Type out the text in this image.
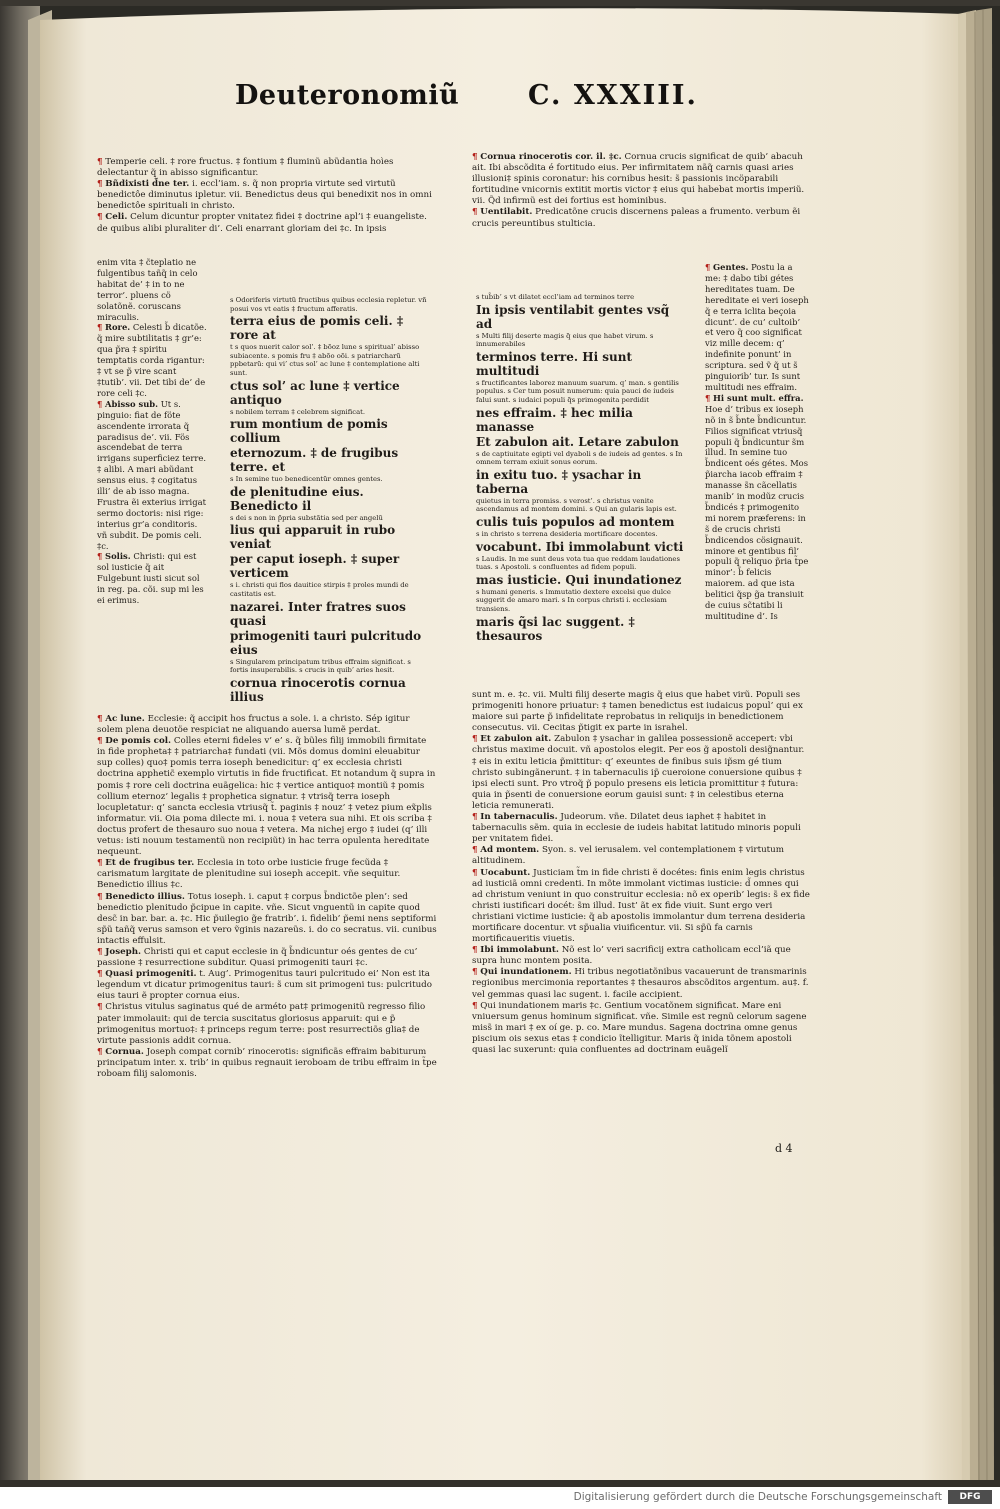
Deuteronomiũ	C. XXXIII.
¶ Temperie celi. ‡ rore fructus. ‡ fontium ‡ fluminũ abũdantia hoìes delectantur q̃ in abisso significantur.
¶ Bñdixisti d̃ne ter. i. eccl’iam. s. q̃ non propria virtute sed virtutũ benedictôe diminutus ipletur. vii. Benedictus deus qui benedixit nos in omni benedictôe spirituali in christo.
¶ Celi. Celum dicuntur propter vnitatez fidei ‡ doctrine apl’i ‡ euangeliste. de quibus alibi pluraliter di’. Celi enarrant gloriam dei ‡c. In ipsis
enim vita ‡ c̃teplatio ne fulgentibus tañq̃ in celo habitat de’ ‡ in to ne terror’. pluens cö solatõnẽ. coruscans miraculis.
¶ Rore. Celesti b̃ dicatõe. q̃ mire subtilitatis ‡ gr’e: qua p̃ra ‡ spiritu temptatis corda rigantur: ‡ vt se p̃ vire scant ‡tutib’. vii. Det tibi de’ de rore celi ‡c.
¶ Abisso sub. Ut s. pinguio: fiat de föte ascendente irrorata q̃ paradisus de’. vii. Fös ascendebat de terra irrigans superficiez terre. ‡ alibi. A mari abũdant sensus eius. ‡ cogitatus illi’ de ab isso magna. Frustra ẽi exterius irrigat sermo doctoris: nisi rige: interius gr’a conditoris. vñ subdit. De pomis celi. ‡c.
¶ Solis. Christi: qui est sol iusticie q̃ ait Fulgebunt iusti sicut sol in reg. pa. cõi. sup mi les ei erimus.
s Odoriferis virtutũ fructibus quibus ecclesia repletur. vñ posui vos vt eatis ‡ fructum afferatis.
terra eius de pomis celi. ‡ rore at
t s quos nuerit calor sol’. ‡ bõoz lune s spiritual’ abisso subiacente. s pomis fru ‡ abõo oõi. s patriarcharũ ppbetarũ: qui vi’ ctus sol’ ac lune ‡ contemplatione alti sunt.
ctus sol’ ac lune ‡ vertice antiquo
s nobilem terram ‡ celebrem significat.
rum montium de pomis collium
eternozum. ‡ de frugibus terre. et
s In semine tuo benedicentũr omnes gentes.
de plenitudine eius. Benedicto il
s dei s non in p̃pria substãtia sed per angelũ
lius qui apparuit in rubo veniat
per caput ioseph. ‡ super verticem
s i. christi qui flos dauitice stirpis ‡ proles mundi de castitatis est.
nazarei. Inter fratres suos quasi
primogeniti tauri pulcritudo eius
s Singularem principatum tribus effraim significat. s fortis insuperabilis. s crucis in quib’ aries hesit.
cornua rinocerotis cornua illius
¶ Ac lune. Ecclesie: q̃ accipit hos fructus a sole. i. a christo. Sép igitur solem plena deuotöe respiciat ne aliquando auersa lumẽ perdat.
¶ De pomis col. Colles eterni fideles v’ e’ s. q̃ bũles filij immobili firmitate in fide propheta‡ ‡ patriarcha‡ fundati (vii. Mõs domus domini eleuabitur sup colles) quo‡ pomis terra ioseph benedicitur: q’ ex ecclesia christi doctrina apphetic̃ exemplo virtutis in fide fructificat. Et notandum q̃ supra in pomis ‡ rore celi doctrina euãgelica: hic ‡ vertice antiquo‡ montiũ ‡ pomis collium eternoz’ legalis ‡ prophetica signatur. ‡ vtrisq̃ terra ioseph locupletatur: q’ sancta ecclesia vtriusq̃ t̃. paginis ‡ nouz’ ‡ vetez pium ex̃plis informatur. vii. Oia poma dilecte mi. i. noua ‡ vetera sua nihi. Et ois scriba ‡ doctus profert de thesauro suo noua ‡ vetera. Ma nichej ergo ‡ iudei (q’ illi vetus: isti nouum testamentũ non recipiũt) in hac terra opulenta hereditate nequeunt.
¶ Et de frugibus ter. Ecclesia in toto orbe iusticie fruge fecũda ‡ carismatum largitate de plenitudine sui ioseph accepit. vñe sequitur. Benedictio illius ‡c.
¶ Benedicto illius. Totus ioseph. i. caput ‡ corpus b̃ndictõe plen’: sed benedictio plenitudo p̃cipue in capite. vñe. Sicut vnguentũ in capite quod desc̃ in bar. bar. a. ‡c. Hic p̃uilegio g̃e fratrib’. i. fidelib’ p̃emi nens septiformi sp̃ũ tañq̃ verus samson et vero ṽginis nazareũs. i. do co secratus. vii. cunibus intactis effulsit.
¶ Joseph. Christi qui et caput ecclesie in q̃ b̃ndicuntur oés gentes de cu’ passione ‡ resurrectione subditur. Quasi primogeniti tauri ‡c.
¶ Quasi primogeniti. t. Aug’. Primogenitus tauri pulcritudo ei’ Non est ita legendum vt dicatur primogenitus tauri: s̃ cum sit primogeni tus: pulcritudo eius tauri ẽ propter cornua eius.
¶ Christus vitulus saginatus qué de arméto pat‡ primogenitũ regresso filio pater immolauit: qui de tercia suscitatus gloriosus apparuit: qui e p̃ primogenitus mortuo‡: ‡ princeps regum terre: post resurrectiõs glia‡ de virtute passionis addit cornua.
¶ Cornua. Joseph compat cornib’ rinocerotis: significãs effraim babiturum principatum inter. x. trib’ in quibus regnauit ieroboam de tribu effraim in t̃pe roboam filij salomonis.
¶ Cornua rinocerotis cor. il. ‡c. Cornua crucis significat de quib’ abacuh ait. Ibi abscõdita é fortitudo eius. Per infirmitatem nãq̃ carnis quasi aries illusioni‡ spinis coronatur: his cornibus hesit: s̃ passionis incöparabili fortitudine vnicornis extitit mortis victor ‡ eius qui habebat mortis imperiũ. vii. Q̃d infirmũ est dei fortius est hominibus.
¶ Uentilabit. Predicatõne crucis discernens paleas a frumento. verbum ẽi crucis pereuntibus stulticia.
¶ Gentes. Postu la a me: ‡ dabo tibi gétes hereditates tuam. De hereditate ei veri ioseph q̃ e terra iclita beçoia dicunt’. de cu’ cultoib’ et vero q̃ coo significat viz mille decem: q’ indefinite ponunt’ in scriptura. sed ṽ q̃ ut s̃ pinguiorib’ tur. Is sunt multitudi nes effraim.
¶ Hi sunt mult. effra. Hoe d’ tribus ex ioseph nõ in s̃ b̃nte b̃ndicuntur. Filios significat vtriusq̃ populi q̃ b̃ndicuntur s̃m illud. In semine tuo b̃ndicent oés gétes. Mos p̃iarcha iacob effraim ‡ manasse s̃n cãcellatis manib’ in modũz crucis b̃ndicés ‡ primogenito mi norem præferens: in s̃ de crucis christi b̃ndicendos cösignauit. minore et gentibus fil’ populi q̃ reliquo p̃ria t̃pe minor’: b̃ felicis maiorem. ad que ista belitici q̃sp g̃a transiuit de cuius sc̃tatibi li multitudine d’. Is
s tub̃ib’ s vt dilatet eccl’iam ad terminos terre
In ipsis ventilabit gentes vsq̃ ad
s Multi filij deserte magis q̃ eius que habet virum. s innumerabiles
terminos terre. Hi sunt multitudi
s fructificantes laborez manuum suarum. q’ man. s gentilis populus. s Cer tum posuit numerum: quia pauci de iudeis falui sunt. s iudaici populi q̃s primogenita perdidit
nes effraim. ‡ hec milia manasse
Et zabulon ait. Letare zabulon
s de captiuitate egipti vel dyaboli s de iudeis ad gentes. s In omnem terram exiuit sonus eorum.
in exitu tuo. ‡ ysachar in taberna
quietus in terra promiss. s verost’. s christus venite ascendamus ad montem domini. s Qui an gularis lapis est.
culis tuis populos ad montem
s in christo s terrena desideria mortificare docentes.
vocabunt. Ibi immolabunt victi
s Laudis. In me sunt deus vota tua que reddam laudationes tuas. s Apostoli. s confluentes ad fidem populi.
mas iusticie. Qui inundationez
s humani generis. s Immutatio dextere excelsi que dulce suggerit de amaro mari. s In corpus christi i. ecclesiam transiens.
maris q̃si lac suggent. ‡ thesauros
sunt m. e. ‡c. vii. Multi filij deserte magis q̃ eius que habet virũ. Populi ses primogeniti honore priuatur: ‡ tamen benedictus est iudaicus popul’ qui ex maiore sui parte p̃ infidelitate reprobatus in reliquijs in benedictionem consecutus. vii. Cecitas p̃tigit ex parte in israhel.
¶ Et zabulon ait. Zabulon ‡ ysachar in galilea possessionẽ accepert: vbi christus maxime docuit. vñ apostolos elegit. Per eos g̃ apostoli desig̃nantur. ‡ eis in exitu leticia p̃mittitur: q’ exeuntes de finibus suis ip̃sm gé tium christo subingãnerunt. ‡ in tabernaculis ip̃ cueroione conuersione quibus ‡ ipsi electi sunt. Pro vtroq̃ p̃ populo presens eis leticia promittitur ‡ futura: quia in p̃senti de conuersione eorum gauisi sunt: ‡ in celestibus eterna leticia remunerati.
¶ In tabernaculis. Judeorum. vñe. Dilatet deus iaphet ‡ habitet in tabernaculis sẽm. quia in ecclesie de iudeis habitat latitudo minoris populi per vnitatem fidei.
¶ Ad montem. Syon. s. vel ierusalem. vel contemplationem ‡ virtutum altitudinem.
¶ Uocabunt. Justiciam t̃m in fide christi ẽ docétes: finis enim legis christus ad iusticiã omni credenti. In mõte immolant victimas iusticie: d̃ omnes qui ad christum veniunt in quo construitur ecclesia: nõ ex operib’ legis: s̃ ex fide christi iustificari docét: s̃m illud. Iust’ ãt ex fide viuit. Sunt ergo veri christiani victime iusticie: q̃ ab apostolis immolantur dum terrena desideria mortificare docentur. vt sp̃ualia viuificentur. vii. Si sp̃ũ fa carnis mortificaueritis viuetis.
¶ Ibi immolabunt. Nõ est lo’ veri sacrificij extra catholicam eccl’iã que supra hunc montem posita.
¶ Qui inundationem. Hi tribus negotiatõnibus vacauerunt de transmarinis regionibus mercimonia reportantes ‡ thesauros abscõditos argentum. au‡. f. vel gemmas quasi lac sugent. i. facile accipient.
¶ Qui inundationem maris ‡c. Gentium vocatõnem significat. Mare eni vniuersum genus hominum significat. vñe. Simile est regnũ celorum sagene miss̃ in mari ‡ ex oí ge. p. co. Mare mundus. Sagena doctrina omne genus piscium ois sexus etas ‡ condicio ĩtelligitur. Maris q̃ inida tõnem apostoli quasi lac suxerunt: quia confluentes ad doctrinam euãgelĩ
d 4
Digitalisierung gefördert durch die Deutsche Forschungsgemeinschaft	DFG
